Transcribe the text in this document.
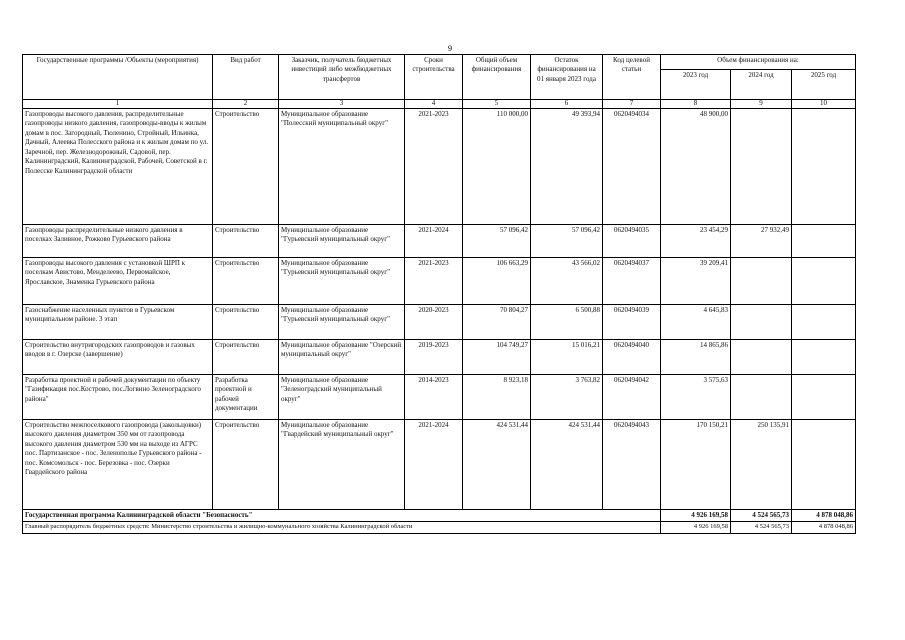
9
Государственные программы /Объекты (мероприятия)	Вид работ	Заказчик, получатель бюджетных инвестиций либо межбюджетных трансфертов	Сроки строительства	Общий объем финансирования	Остаток финансирования на 01 января 2023 года	Код целевой статьи	Объем финансирования на:		
							2023 год	2024 год	2025 год
1	2	3	4	5	6	7	8	9	10
Газопроводы высокого давления, распределительные газопроводы низкого давления, газопроводы-вводы к жилым домам в пос. Загородный, Тюленино, Стройный, Ильинка, Дачный, Алеевка Полесского района и к жилым домам по ул. Заречной, пер. Железнодорожный, Садовой, пер. Калининградский, Калининградской, Рабочей, Советской в г. Полесске Калининградской области	Строительство	Муниципальное образование "Полесский муниципальный округ"	2021-2023	110 000,00	49 393,94	0620494034	48 900,00		
Газопроводы распределительные низкого давления в поселках Заливное, Рожково Гурьевского района	Строительство	Муниципальное образование "Гурьевский муниципальный округ"	2021-2024	57 096,42	57 096,42	0620494035	23 454,29	27 932,49	
Газопроводы высокого давления с установкой ШРП к поселкам Авистово, Менделеево, Первомайское, Ярославское, Знаменка Гурьевского района	Строительство	Муниципальное образование "Гурьевский муниципальный округ"	2021-2023	106 663,29	43 566,02	0620494037	39 209,41		
Газоснабжение населенных пунктов в Гурьевском муниципальном районе. 3 этап	Строительство	Муниципальное образование "Гурьевский муниципальный округ"	2020-2023	70 804,27	6 500,88	0620494039	4 645,83		
Строительство внутригородских газопроводов и газовых вводов в г. Озерске (завершение)	Строительство	Муниципальное образование "Озерский муниципальный округ"	2019-2023	104 749,27	15 016,21	0620494040	14 865,86		
Разработка проектной и рабочей документации по объекту "Газификация пос.Кострово, пос.Логвино Зеленоградского района"	Разработка проектной и рабочей документации	Муниципальное образование "Зеленоградский муниципальный округ"	2014-2023	8 923,18	3 763,82	0620494042	3 575,63		
Строительство межпоселкового газопровода (закольцовки) высокого давления диаметром 350 мм от газопровода высокого давления диаметром 530 мм на выходе из АГРС пос. Партизанское - пос. Зеленополье Гурьевского района - пос. Комсомольск - пос. Березовка - пос. Озерки Гвардейского района	Строительство	Муниципальное образование "Гвардейский муниципальный округ"	2021-2024	424 531,44	424 531,44	0620494043	170 150,21	250 135,91	
Государственная программа Калининградской области "Безопасность"							4 926 169,58	4 524 565,73	4 878 048,86
Главный распорядитель бюджетных средств: Министерство строительства и жилищно-коммунального хозяйства Калининградской области							4 926 169,58	4 524 565,73	4 878 048,86
